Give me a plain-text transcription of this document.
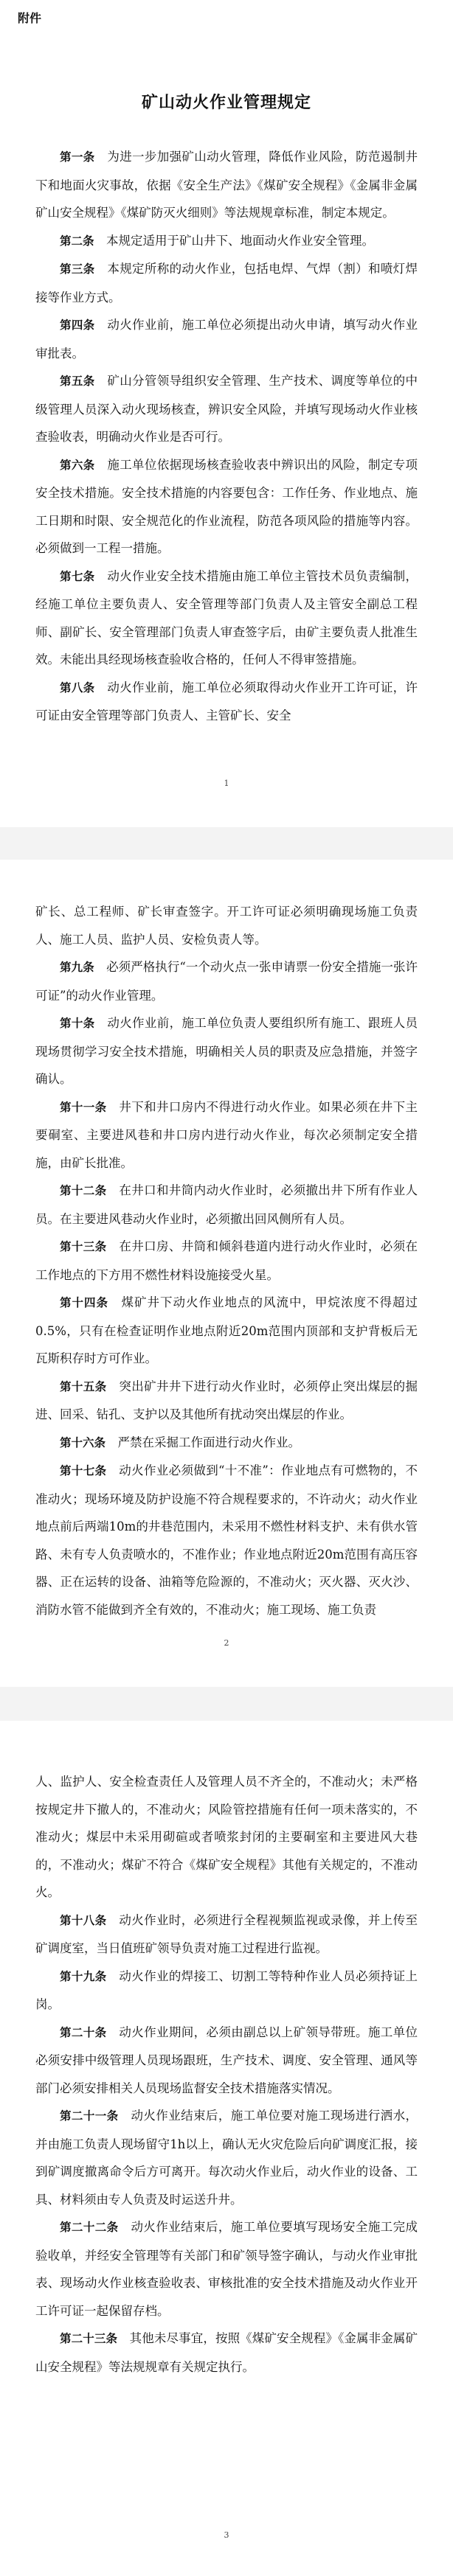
附件
矿山动火作业管理规定

第一条  为进一步加强矿山动火管理，降低作业风险，防范遏制井下和地面火灾事故，依据《安全生产法》《煤矿安全规程》《金属非金属矿山安全规程》《煤矿防灭火细则》等法规规章标准，制定本规定。

第二条  本规定适用于矿山井下、地面动火作业安全管理。

第三条  本规定所称的动火作业，包括电焊、气焊（割）和喷灯焊接等作业方式。

第四条  动火作业前，施工单位必须提出动火申请，填写动火作业审批表。

第五条  矿山分管领导组织安全管理、生产技术、调度等单位的中级管理人员深入动火现场核查，辨识安全风险，并填写现场动火作业核查验收表，明确动火作业是否可行。

第六条  施工单位依据现场核查验收表中辨识出的风险，制定专项安全技术措施。安全技术措施的内容要包含：工作任务、作业地点、施工日期和时限、安全规范化的作业流程，防范各项风险的措施等内容。必须做到一工程一措施。

第七条  动火作业安全技术措施由施工单位主管技术员负责编制，经施工单位主要负责人、安全管理等部门负责人及主管安全副总工程师、副矿长、安全管理部门负责人审查签字后，由矿主要负责人批准生效。未能出具经现场核查验收合格的，任何人不得审签措施。

第八条  动火作业前，施工单位必须取得动火作业开工许可证，许可证由安全管理等部门负责人、主管矿长、安全

1

矿长、总工程师、矿长审查签字。开工许可证必须明确现场施工负责人、施工人员、监护人员、安检负责人等。

第九条  必须严格执行“一个动火点一张申请票一份安全措施一张许可证”的动火作业管理。

第十条  动火作业前，施工单位负责人要组织所有施工、跟班人员现场贯彻学习安全技术措施，明确相关人员的职责及应急措施，并签字确认。

第十一条  井下和井口房内不得进行动火作业。如果必须在井下主要硐室、主要进风巷和井口房内进行动火作业，每次必须制定安全措施，由矿长批准。

第十二条  在井口和井筒内动火作业时，必须撤出井下所有作业人员。在主要进风巷动火作业时，必须撤出回风侧所有人员。

第十三条  在井口房、井筒和倾斜巷道内进行动火作业时，必须在工作地点的下方用不燃性材料设施接受火星。

第十四条  煤矿井下动火作业地点的风流中，甲烷浓度不得超过0.5%，只有在检查证明作业地点附近20m范围内顶部和支护背板后无瓦斯积存时方可作业。

第十五条  突出矿井井下进行动火作业时，必须停止突出煤层的掘进、回采、钻孔、支护以及其他所有扰动突出煤层的作业。

第十六条  严禁在采掘工作面进行动火作业。

第十七条  动火作业必须做到“十不准”：作业地点有可燃物的，不准动火；现场环境及防护设施不符合规程要求的，不许动火；动火作业地点前后两端10m的井巷范围内，未采用不燃性材料支护、未有供水管路、未有专人负责喷水的，不准作业；作业地点附近20m范围有高压容器、正在运转的设备、油箱等危险源的，不准动火；灭火器、灭火沙、消防水管不能做到齐全有效的，不准动火；施工现场、施工负责

2

人、监护人、安全检查责任人及管理人员不齐全的，不准动火；未严格按规定井下撤人的，不准动火；风险管控措施有任何一项未落实的，不准动火；煤层中未采用砌碹或者喷浆封闭的主要硐室和主要进风大巷的，不准动火；煤矿不符合《煤矿安全规程》其他有关规定的，不准动火。

第十八条  动火作业时，必须进行全程视频监视或录像，并上传至矿调度室，当日值班矿领导负责对施工过程进行监视。

第十九条  动火作业的焊接工、切割工等特种作业人员必须持证上岗。

第二十条  动火作业期间，必须由副总以上矿领导带班。施工单位必须安排中级管理人员现场跟班，生产技术、调度、安全管理、通风等部门必须安排相关人员现场监督安全技术措施落实情况。

第二十一条  动火作业结束后，施工单位要对施工现场进行洒水，并由施工负责人现场留守1h以上，确认无火灾危险后向矿调度汇报，接到矿调度撤离命令后方可离开。每次动火作业后，动火作业的设备、工具、材料须由专人负责及时运送升井。

第二十二条  动火作业结束后，施工单位要填写现场安全施工完成验收单，并经安全管理等有关部门和矿领导签字确认，与动火作业审批表、现场动火作业核查验收表、审核批准的安全技术措施及动火作业开工许可证一起保留存档。

第二十三条  其他未尽事宜，按照《煤矿安全规程》《金属非金属矿山安全规程》等法规规章有关规定执行。

3
